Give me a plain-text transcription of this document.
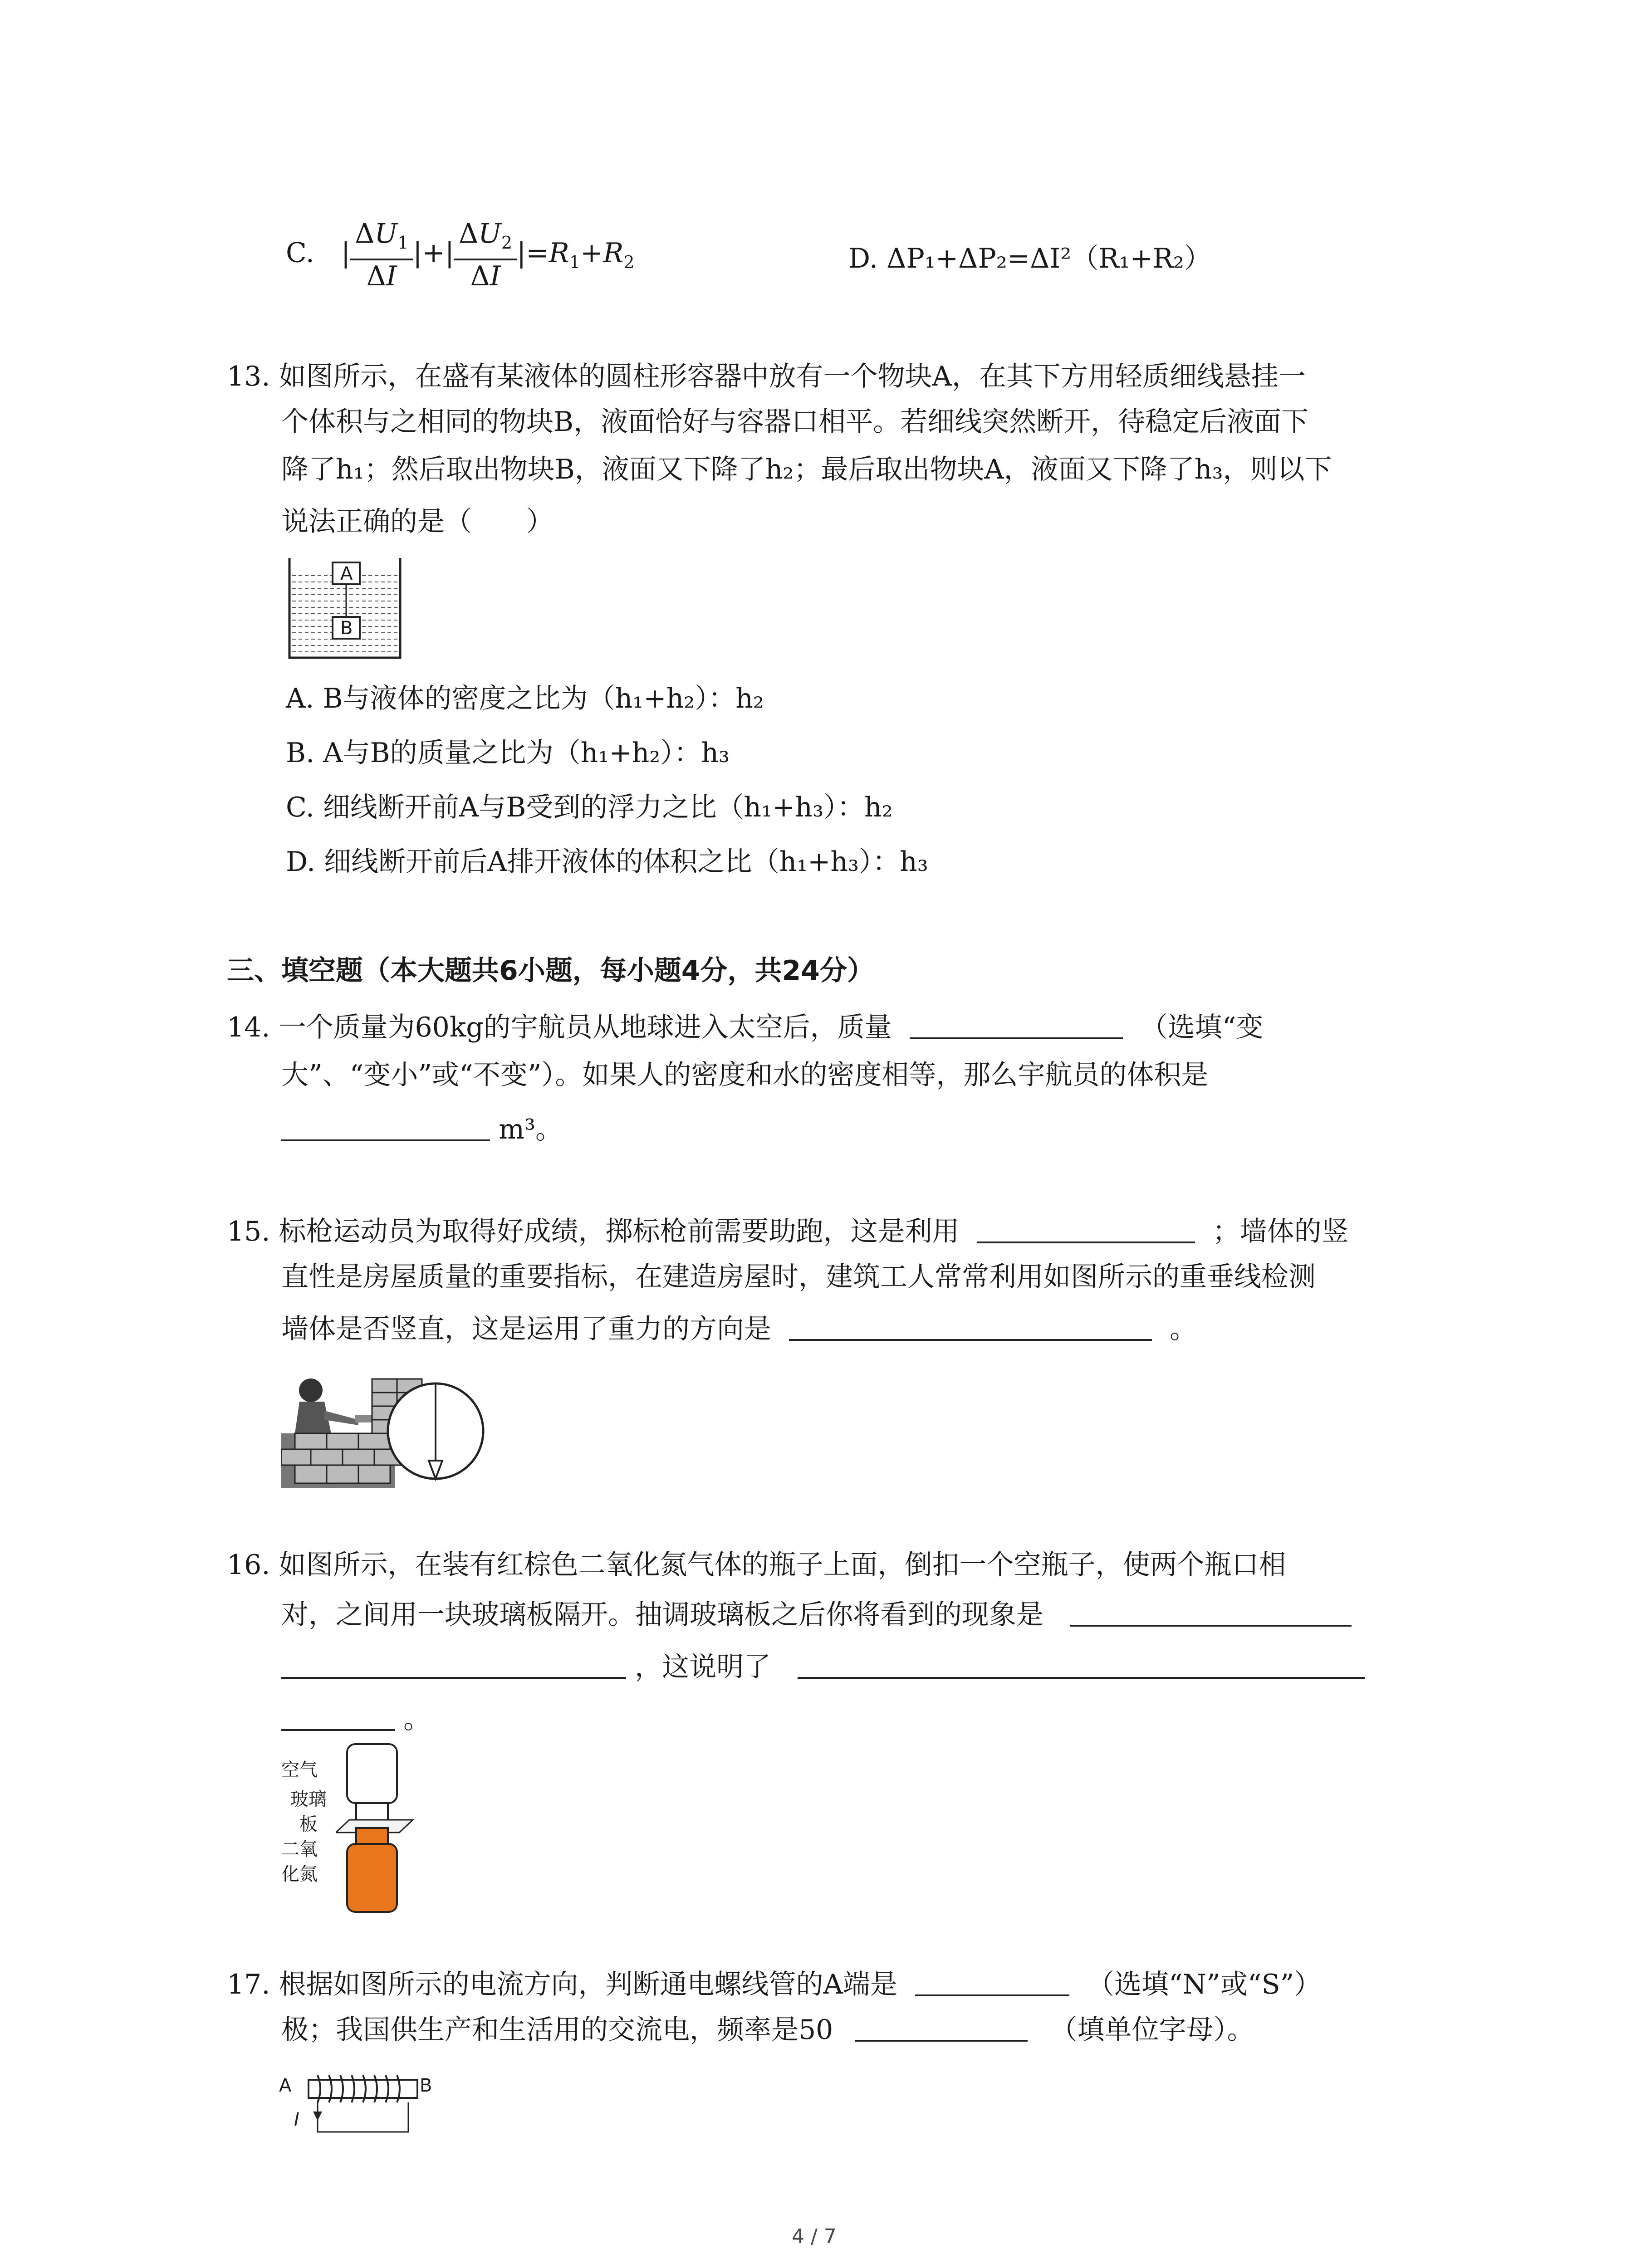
C. | $\frac{\Delta U_1}{\Delta I}$ |+| $\frac{\Delta U_2}{\Delta I} |=R_1+R_2$	D. ΔP₁+ΔP₂=ΔI²（R₁+R₂）
13. 如图所示，在盛有某液体的圆柱形容器中放有一个物块A，在其下方用轻质细线悬挂一
个体积与之相同的物块B，液面恰好与容器口相平。若细线突然断开，待稳定后液面下
降了h₁；然后取出物块B，液面又下降了h₂；最后取出物块A，液面又下降了h₃，则以下
说法正确的是（　　）
A
B
A. B与液体的密度之比为（h₁+h₂）：h₂
B. A与B的质量之比为（h₁+h₂）：h₃
C. 细线断开前A与B受到的浮力之比（h₁+h₃）：h₂
D. 细线断开前后A排开液体的体积之比（h₁+h₃）：h₃
三、填空题（本大题共6小题，每小题4分，共24分）
14. 一个质量为60kg的宇航员从地球进入太空后，质量	（选填“变
大”、“变小”或“不变”）。如果人的密度和水的密度相等，那么宇航员的体积是
m³。
15. 标枪运动员为取得好成绩，掷标枪前需要助跑，这是利用	；墙体的竖
直性是房屋质量的重要指标，在建造房屋时，建筑工人常常利用如图所示的重垂线检测
墙体是否竖直，这是运用了重力的方向是	。
16. 如图所示，在装有红棕色二氧化氮气体的瓶子上面，倒扣一个空瓶子，使两个瓶口相
对，之间用一块玻璃板隔开。抽调玻璃板之后你将看到的现象是
，这说明了
。
空气
玻璃
板
二氧
化氮
17. 根据如图所示的电流方向，判断通电螺线管的A端是	（选填“N”或“S”）
极；我国供生产和生活用的交流电，频率是50	（填单位字母）。
A	B
I
4 / 7
